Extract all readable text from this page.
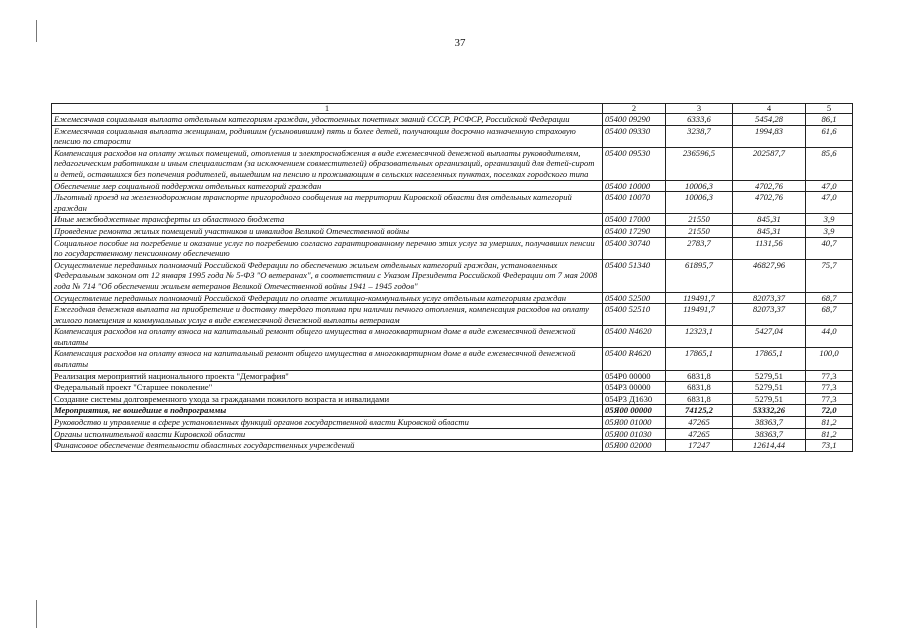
37
1	2	3	4	5
Ежемесячная социальная выплата отдельным категориям граждан, удостоенных почетных званий СССР, РСФСР, Российской Федерации	05400 09290	6333,6	5454,28	86,1
Ежемесячная социальная выплата женщинам, родившим (усыновившим) пять и более детей, получающим досрочно назначенную страховую пенсию по старости	05400 09330	3238,7	1994,83	61,6
Компенсация расходов на оплату жилых помещений, отопления и электроснабжения в виде ежемесячной денежной выплаты руководителям, педагогическим работникам и иным специалистам (за исключением совместителей) образовательных организаций, организаций для детей-сирот и детей, оставшихся без попечения родителей, вышедшим на пенсию и проживающим в сельских населенных пунктах, поселках городского типа	05400 09530	236596,5	202587,7	85,6
Обеспечение мер социальной поддержки отдельных категорий граждан	05400 10000	10006,3	4702,76	47,0
Льготный проезд на железнодорожном транспорте пригородного сообщения на территории Кировской области для отдельных категорий граждан	05400 10070	10006,3	4702,76	47,0
Иные межбюджетные трансферты из областного бюджета	05400 17000	21550	845,31	3,9
Проведение ремонта жилых помещений участников и инвалидов Великой Отечественной войны	05400 17290	21550	845,31	3,9
Социальное пособие на погребение и оказание услуг по погребению согласно гарантированному перечню этих услуг за умерших, получавших пенсии по государственному пенсионному обеспечению	05400 30740	2783,7	1131,56	40,7
Осуществление переданных полномочий Российской Федерации по обеспечению жильем отдельных категорий граждан, установленных Федеральным законом от 12 января 1995 года № 5-ФЗ "О ветеранах", в соответствии с Указом Президента Российской Федерации от 7 мая 2008 года № 714 "Об обеспечении жильем ветеранов Великой Отечественной войны 1941 – 1945 годов"	05400 51340	61895,7	46827,96	75,7
Осуществление переданных полномочий Российской Федерации по оплате жилищно-коммунальных услуг отдельным категориям граждан	05400 52500	119491,7	82073,37	68,7
Ежегодная денежная выплата на приобретение и доставку твердого топлива при наличии печного отопления, компенсация расходов на оплату жилого помещения и коммунальных услуг в виде ежемесячной денежной выплаты ветеранам	05400 52510	119491,7	82073,37	68,7
Компенсация расходов на оплату взноса на капитальный ремонт общего имущества в многоквартирном доме в виде ежемесячной денежной выплаты	05400 N4620	12323,1	5427,04	44,0
Компенсация расходов на оплату взноса на капитальный ремонт общего имущества в многоквартирном доме в виде ежемесячной денежной выплаты	05400 R4620	17865,1	17865,1	100,0
Реализация мероприятий национального проекта "Демография"	054P0 00000	6831,8	5279,51	77,3
Федеральный проект "Старшее поколение"	054P3 00000	6831,8	5279,51	77,3
Создание системы долговременного ухода за гражданами пожилого возраста и инвалидами	054P3 Д1630	6831,8	5279,51	77,3
Мероприятия, не вошедшие в подпрограммы	05Я00 00000	74125,2	53332,26	72,0
Руководство и управление в сфере установленных функций органов государственной власти Кировской области	05Я00 01000	47265	38363,7	81,2
Органы исполнительной власти Кировской области	05Я00 01030	47265	38363,7	81,2
Финансовое обеспечение деятельности областных государственных учреждений	05Я00 02000	17247	12614,44	73,1
